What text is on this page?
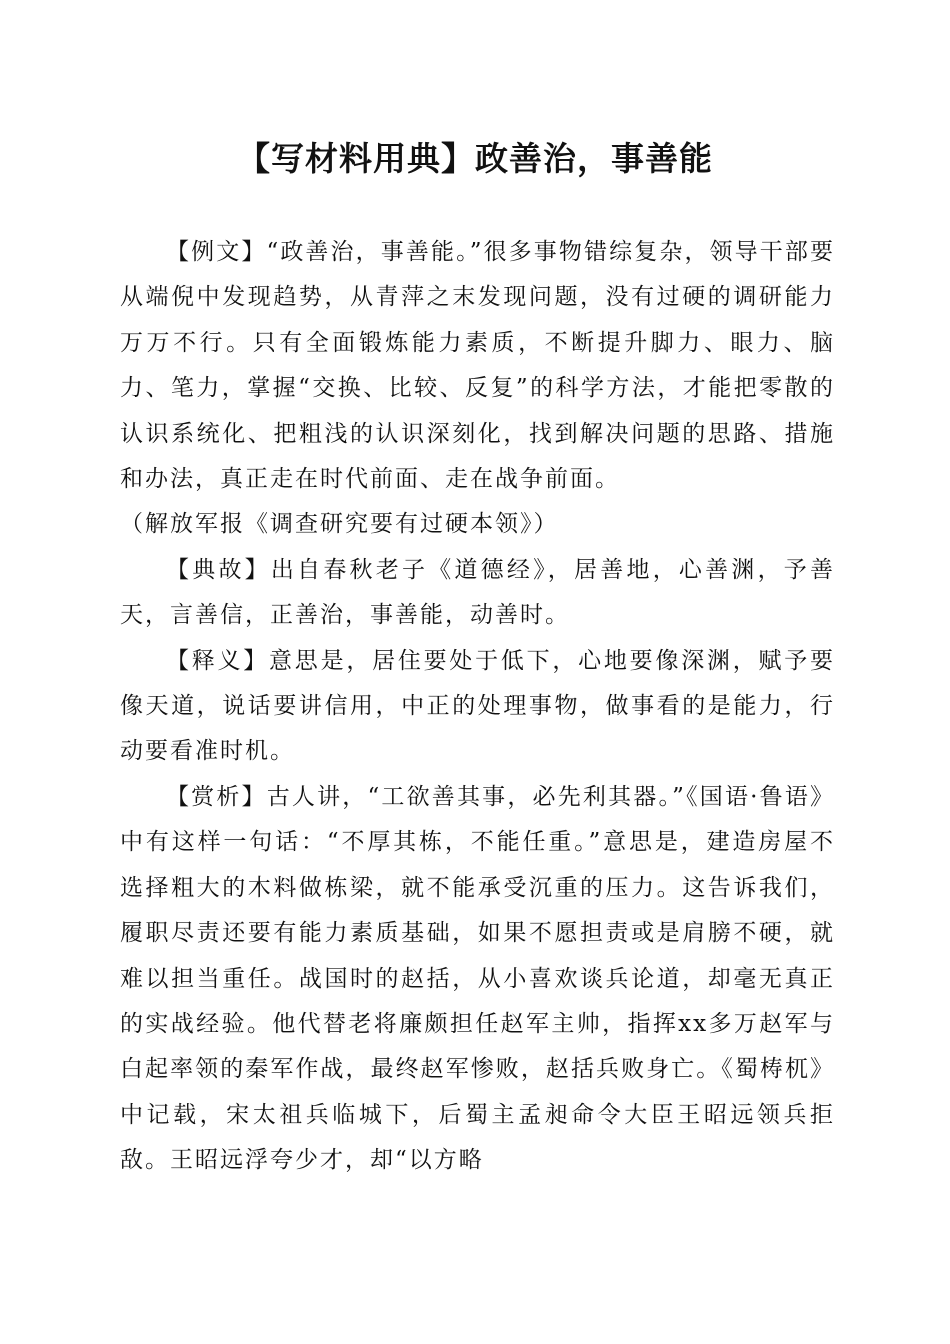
【写材料用典】政善治，事善能

【例文】“政善治，事善能。”很多事物错综复杂，领导干部要从端倪中发现趋势，从青萍之末发现问题，没有过硬的调研能力万万不行。只有全面锻炼能力素质，不断提升脚力、眼力、脑力、笔力，掌握“交换、比较、反复”的科学方法，才能把零散的认识系统化、把粗浅的认识深刻化，找到解决问题的思路、措施和办法，真正走在时代前面、走在战争前面。

（解放军报《调查研究要有过硬本领》）

【典故】出自春秋老子《道德经》，居善地，心善渊，予善天，言善信，正善治，事善能，动善时。

【释义】意思是，居住要处于低下，心地要像深渊，赋予要像天道，说话要讲信用，中正的处理事物，做事看的是能力，行动要看准时机。

【赏析】古人讲，“工欲善其事，必先利其器。”《国语·鲁语》中有这样一句话：“不厚其栋，不能任重。”意思是，建造房屋不选择粗大的木料做栋梁，就不能承受沉重的压力。这告诉我们，履职尽责还要有能力素质基础，如果不愿担责或是肩膀不硬，就难以担当重任。战国时的赵括，从小喜欢谈兵论道，却毫无真正的实战经验。他代替老将廉颇担任赵军主帅，指挥xx多万赵军与白起率领的秦军作战，最终赵军惨败，赵括兵败身亡。《蜀梼杌》中记载，宋太祖兵临城下，后蜀主孟昶命令大臣王昭远领兵拒敌。王昭远浮夸少才，却“以方略
